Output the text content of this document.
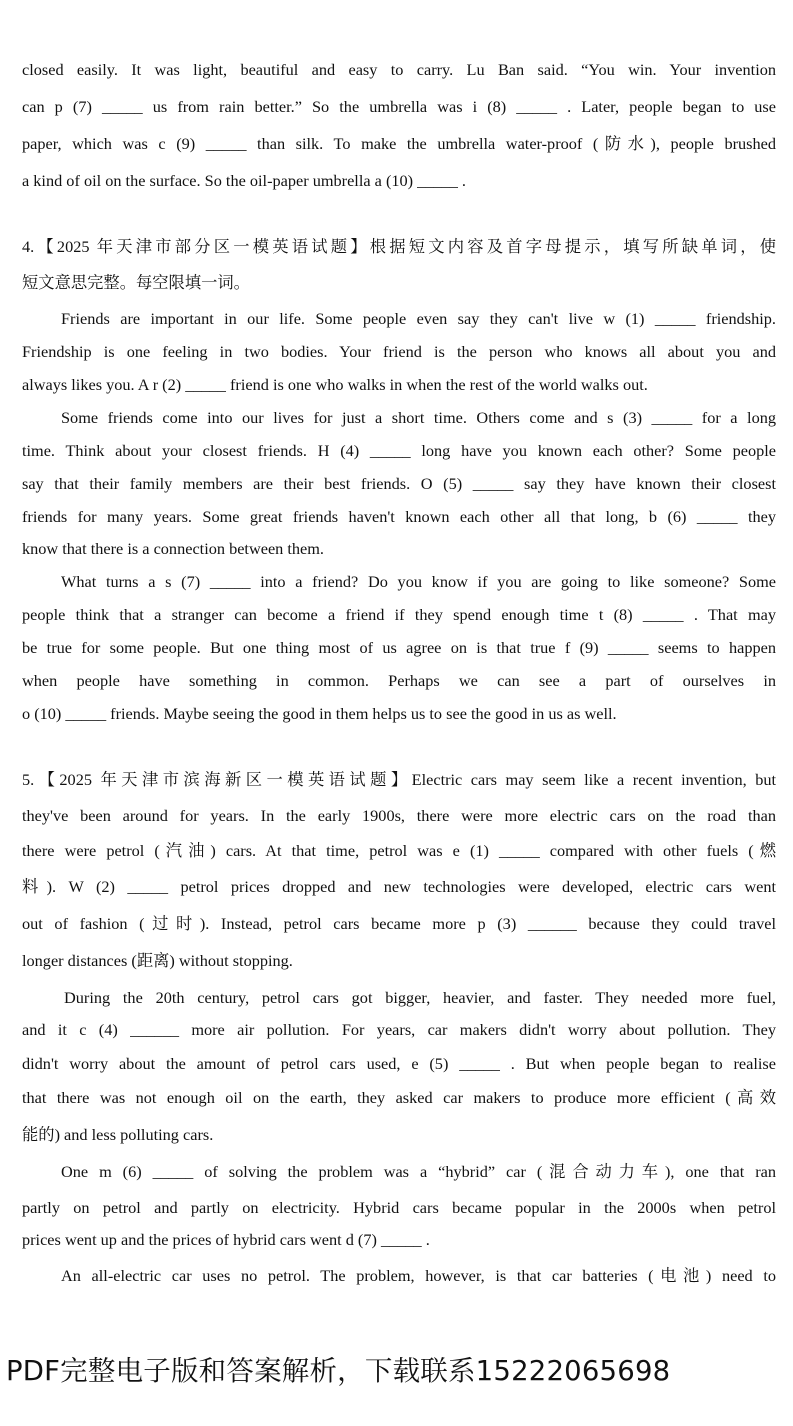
closed easily. It was light, beautiful and easy to carry. Lu Ban said. “You win. Your invention
can p (7) _____ us from rain better.” So the umbrella was i (8) _____ . Later, people began to use
paper, which was c (9) _____ than silk. To make the umbrella water-proof (防水), people brushed
a kind of oil on the surface. So the oil-paper umbrella a (10) _____ .
4.【2025 年天津市部分区一模英语试题】根据短文内容及首字母提示，填写所缺单词，使
短文意思完整。每空限填一词。
Friends are important in our life. Some people even say they can't live w (1) _____ friendship.
Friendship is one feeling in two bodies. Your friend is the person who knows all about you and
always likes you. A r (2) _____ friend is one who walks in when the rest of the world walks out.
Some friends come into our lives for just a short time. Others come and s (3) _____ for a long
time. Think about your closest friends. H (4) _____ long have you known each other? Some people
say that their family members are their best friends. O (5) _____ say they have known their closest
friends for many years. Some great friends haven't known each other all that long, b (6) _____ they
know that there is a connection between them.
What turns a s (7) _____ into a friend? Do you know if you are going to like someone? Some
people think that a stranger can become a friend if they spend enough time t (8) _____ . That may
be true for some people. But one thing most of us agree on is that true f (9) _____ seems to happen
when people have something in common. Perhaps we can see a part of ourselves in
o (10) _____ friends. Maybe seeing the good in them helps us to see the good in us as well.
5.【2025 年天津市滨海新区一模英语试题】Electric cars may seem like a recent invention, but
they've been around for years. In the early 1900s, there were more electric cars on the road than
there were petrol (汽油) cars. At that time, petrol was e (1) _____ compared with other fuels (燃
料). W (2) _____ petrol prices dropped and new technologies were developed, electric cars went
out of fashion (过时). Instead, petrol cars became more p (3) ______ because they could travel
longer distances (距离) without stopping.
During the 20th century, petrol cars got bigger, heavier, and faster. They needed more fuel,
and it c (4) ______ more air pollution. For years, car makers didn't worry about pollution. They
didn't worry about the amount of petrol cars used, e (5) _____ . But when people began to realise
that there was not enough oil on the earth, they asked car makers to produce more efficient (高效
能的) and less polluting cars.
One m (6) _____ of solving the problem was a “hybrid” car (混合动力车), one that ran
partly on petrol and partly on electricity. Hybrid cars became popular in the 2000s when petrol
prices went up and the prices of hybrid cars went d (7) _____ .
An all-electric car uses no petrol. The problem, however, is that car batteries (电池) need to
PDF完整电子版和答案解析，下载联系15222065698
